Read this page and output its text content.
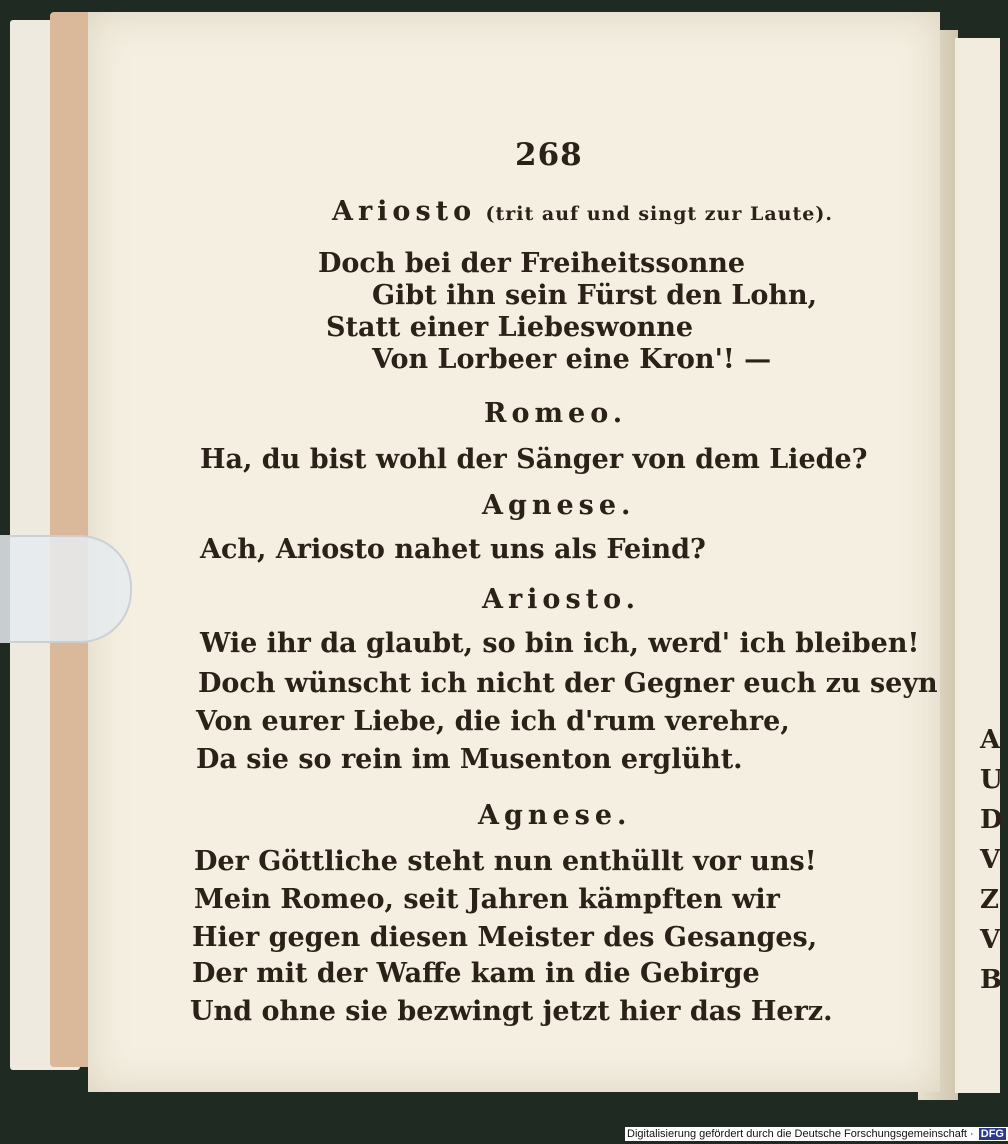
268
Ariosto (trit auf und singt zur Laute).
Doch bei der Freiheitssonne
Gibt ihn sein Fürst den Lohn,
Statt einer Liebeswonne
Von Lorbeer eine Kron'! —
Romeo.
Ha, du bist wohl der Sänger von dem Liede?
Agnese.
Ach, Ariosto nahet uns als Feind?
Ariosto.
Wie ihr da glaubt, so bin ich, werd' ich bleiben!
Doch wünscht ich nicht der Gegner euch zu seyn
Von eurer Liebe, die ich d'rum verehre,
Da sie so rein im Musenton erglüht.
Agnese.
Der Göttliche steht nun enthüllt vor uns!
Mein Romeo, seit Jahren kämpften wir
Hier gegen diesen Meister des Gesanges,
Der mit der Waffe kam in die Gebirge
Und ohne sie bezwingt jetzt hier das Herz.
A
U
D
V
Z
V
B
Digitalisierung gefördert durch die Deutsche Forschungsgemeinschaft · DFG
